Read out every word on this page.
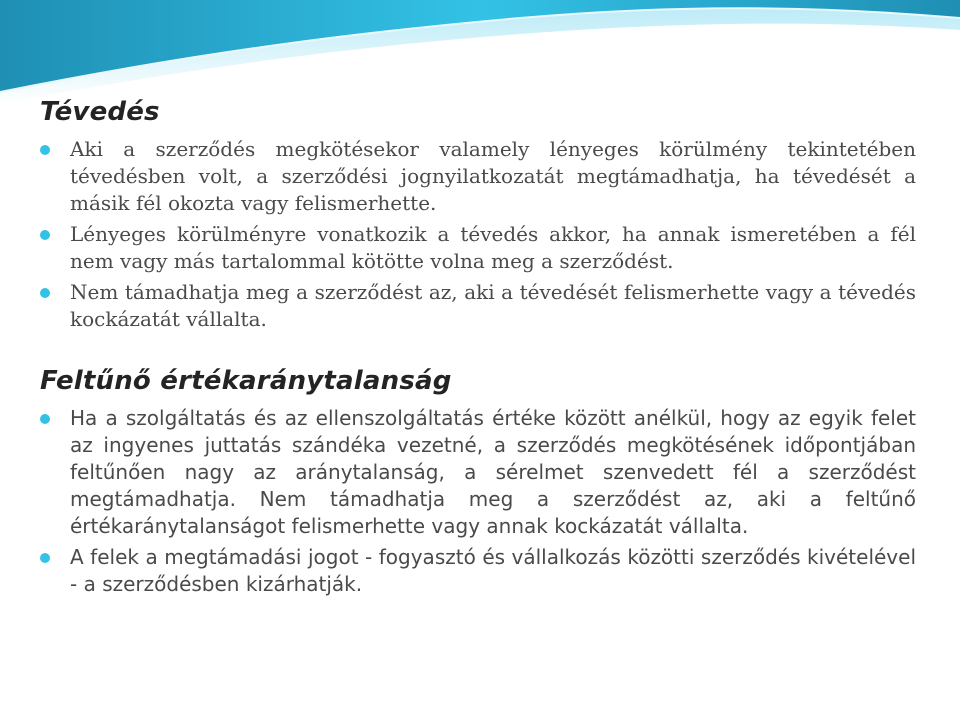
Tévedés
Aki a szerződés megkötésekor valamely lényeges körülmény tekintetében tévedésben volt, a szerződési jognyilatkozatát megtámadhatja, ha tévedését a másik fél okozta vagy felismerhette.
Lényeges körülményre vonatkozik a tévedés akkor, ha annak ismeretében a fél nem vagy más tartalommal kötötte volna meg a szerződést.
Nem támadhatja meg a szerződést az, aki a tévedését felismerhette vagy a tévedés kockázatát vállalta.
Feltűnő értékaránytalanság
Ha a szolgáltatás és az ellenszolgáltatás értéke között anélkül, hogy az egyik felet az ingyenes juttatás szándéka vezetné, a szerződés megkötésének időpontjában feltűnően nagy az aránytalanság, a sérelmet szenvedett fél a szerződést megtámadhatja. Nem támadhatja meg a szerződést az, aki a feltűnő értékaránytalanságot felismerhette vagy annak kockázatát vállalta.
A felek a megtámadási jogot - fogyasztó és vállalkozás közötti szerződés kivételével - a szerződésben kizárhatják.
